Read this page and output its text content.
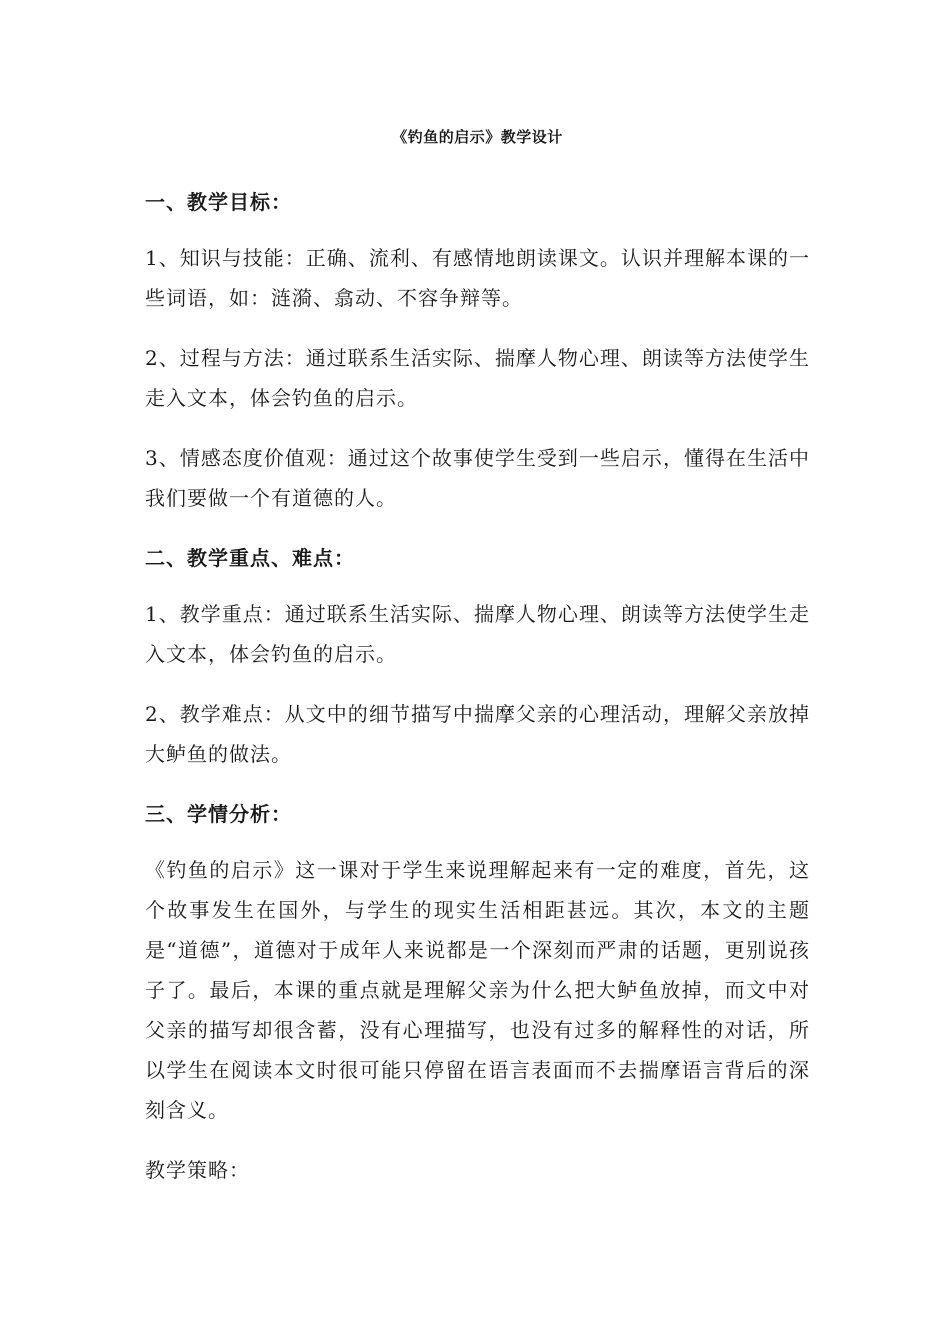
《钓鱼的启示》教学设计
一、教学目标：
1、知识与技能：正确、流利、有感情地朗读课文。认识并理解本课的一些词语，如：涟漪、翕动、不容争辩等。
2、过程与方法：通过联系生活实际、揣摩人物心理、朗读等方法使学生走入文本，体会钓鱼的启示。
3、情感态度价值观：通过这个故事使学生受到一些启示，懂得在生活中我们要做一个有道德的人。
二、教学重点、难点：
1、教学重点：通过联系生活实际、揣摩人物心理、朗读等方法使学生走入文本，体会钓鱼的启示。
2、教学难点：从文中的细节描写中揣摩父亲的心理活动，理解父亲放掉大鲈鱼的做法。
三、学情分析：
《钓鱼的启示》这一课对于学生来说理解起来有一定的难度，首先，这个故事发生在国外，与学生的现实生活相距甚远。其次，本文的主题是“道德”，道德对于成年人来说都是一个深刻而严肃的话题，更别说孩子了。最后，本课的重点就是理解父亲为什么把大鲈鱼放掉，而文中对父亲的描写却很含蓄，没有心理描写，也没有过多的解释性的对话，所以学生在阅读本文时很可能只停留在语言表面而不去揣摩语言背后的深刻含义。
教学策略：
